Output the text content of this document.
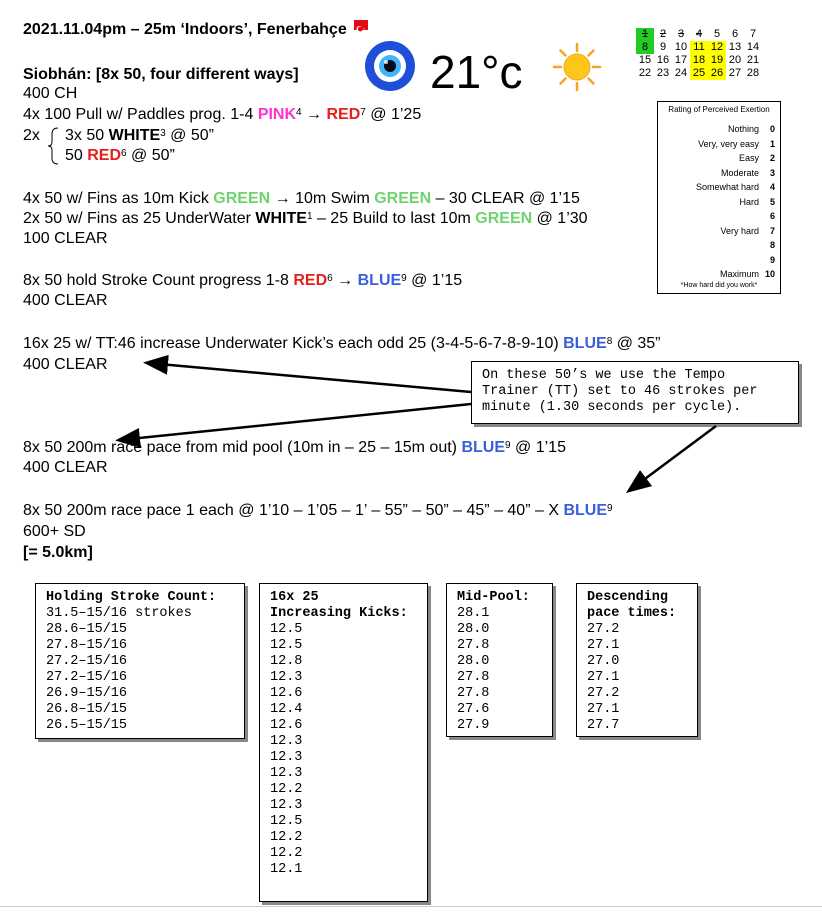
2021.11.04pm – 25m ‘Indoors’, Fenerbahçe
21°c
1	2	3	4	5	6	7
8	9	10	11	12	13	14
15	16	17	18	19	20	21
22	23	24	25	26	27	28
Rating of Perceived Exertion
Nothing	0
Very, very easy	1
Easy	2
Moderate	3
Somewhat hard	4
Hard	5
6
Very hard	7
8
9
Maximum 10
*How hard did you work*
Siobhán: [8x 50, four different ways]
400 CH
4x 100 Pull w/ Paddles prog. 1-4 $PINK^4 \to RED^7$ @ 1’25
2x 3x 50 WHITE$^3$ @ 50”
50 RED$^6$ @ 50”
4x 50 w/ Fins as 10m Kick GREEN → 10m Swim GREEN – 30 CLEAR @ 1’15
2x 50 w/ Fins as 25 UnderWater WHITE$^1$ – 25 Build to last 10m GREEN @ 1’30
100 CLEAR
8x 50 hold Stroke Count progress 1-8 $RED^6$ → $BLUE^9$ @ 1’15
400 CLEAR
16x 25 w/ TT:46 increase Underwater Kick’s each odd 25 (3-4-5-6-7-8-9-10) BLUE$^8$ @ 35”
400 CLEAR
8x 50 200m race pace from mid pool (10m in – 25 – 15m out) BLUE$^9$ @ 1’15
400 CLEAR
8x 50 200m race pace 1 each @ 1’10 – 1’05 – 1’ – 55” – 50” – 45” – 40” – X BLUE$^9$
600+ SD
[= 5.0km]
On these 50’s we use the Tempo Trainer (TT) set to 46 strokes per minute (1.30 seconds per cycle).
Holding Stroke Count:
31.5–15/16 strokes
28.6–15/15
27.8–15/16
27.2–15/16
27.2–15/16
26.9–15/16
26.8–15/15
26.5–15/15
16x 25
Increasing Kicks:
12.5
12.5
12.8
12.3
12.6
12.4
12.6
12.3
12.3
12.3
12.2
12.3
12.5
12.2
12.2
12.1
Mid-Pool:
28.1
28.0
27.8
28.0
27.8
27.8
27.6
27.9
Descending
pace times:
27.2
27.1
27.0
27.1
27.2
27.1
27.7
